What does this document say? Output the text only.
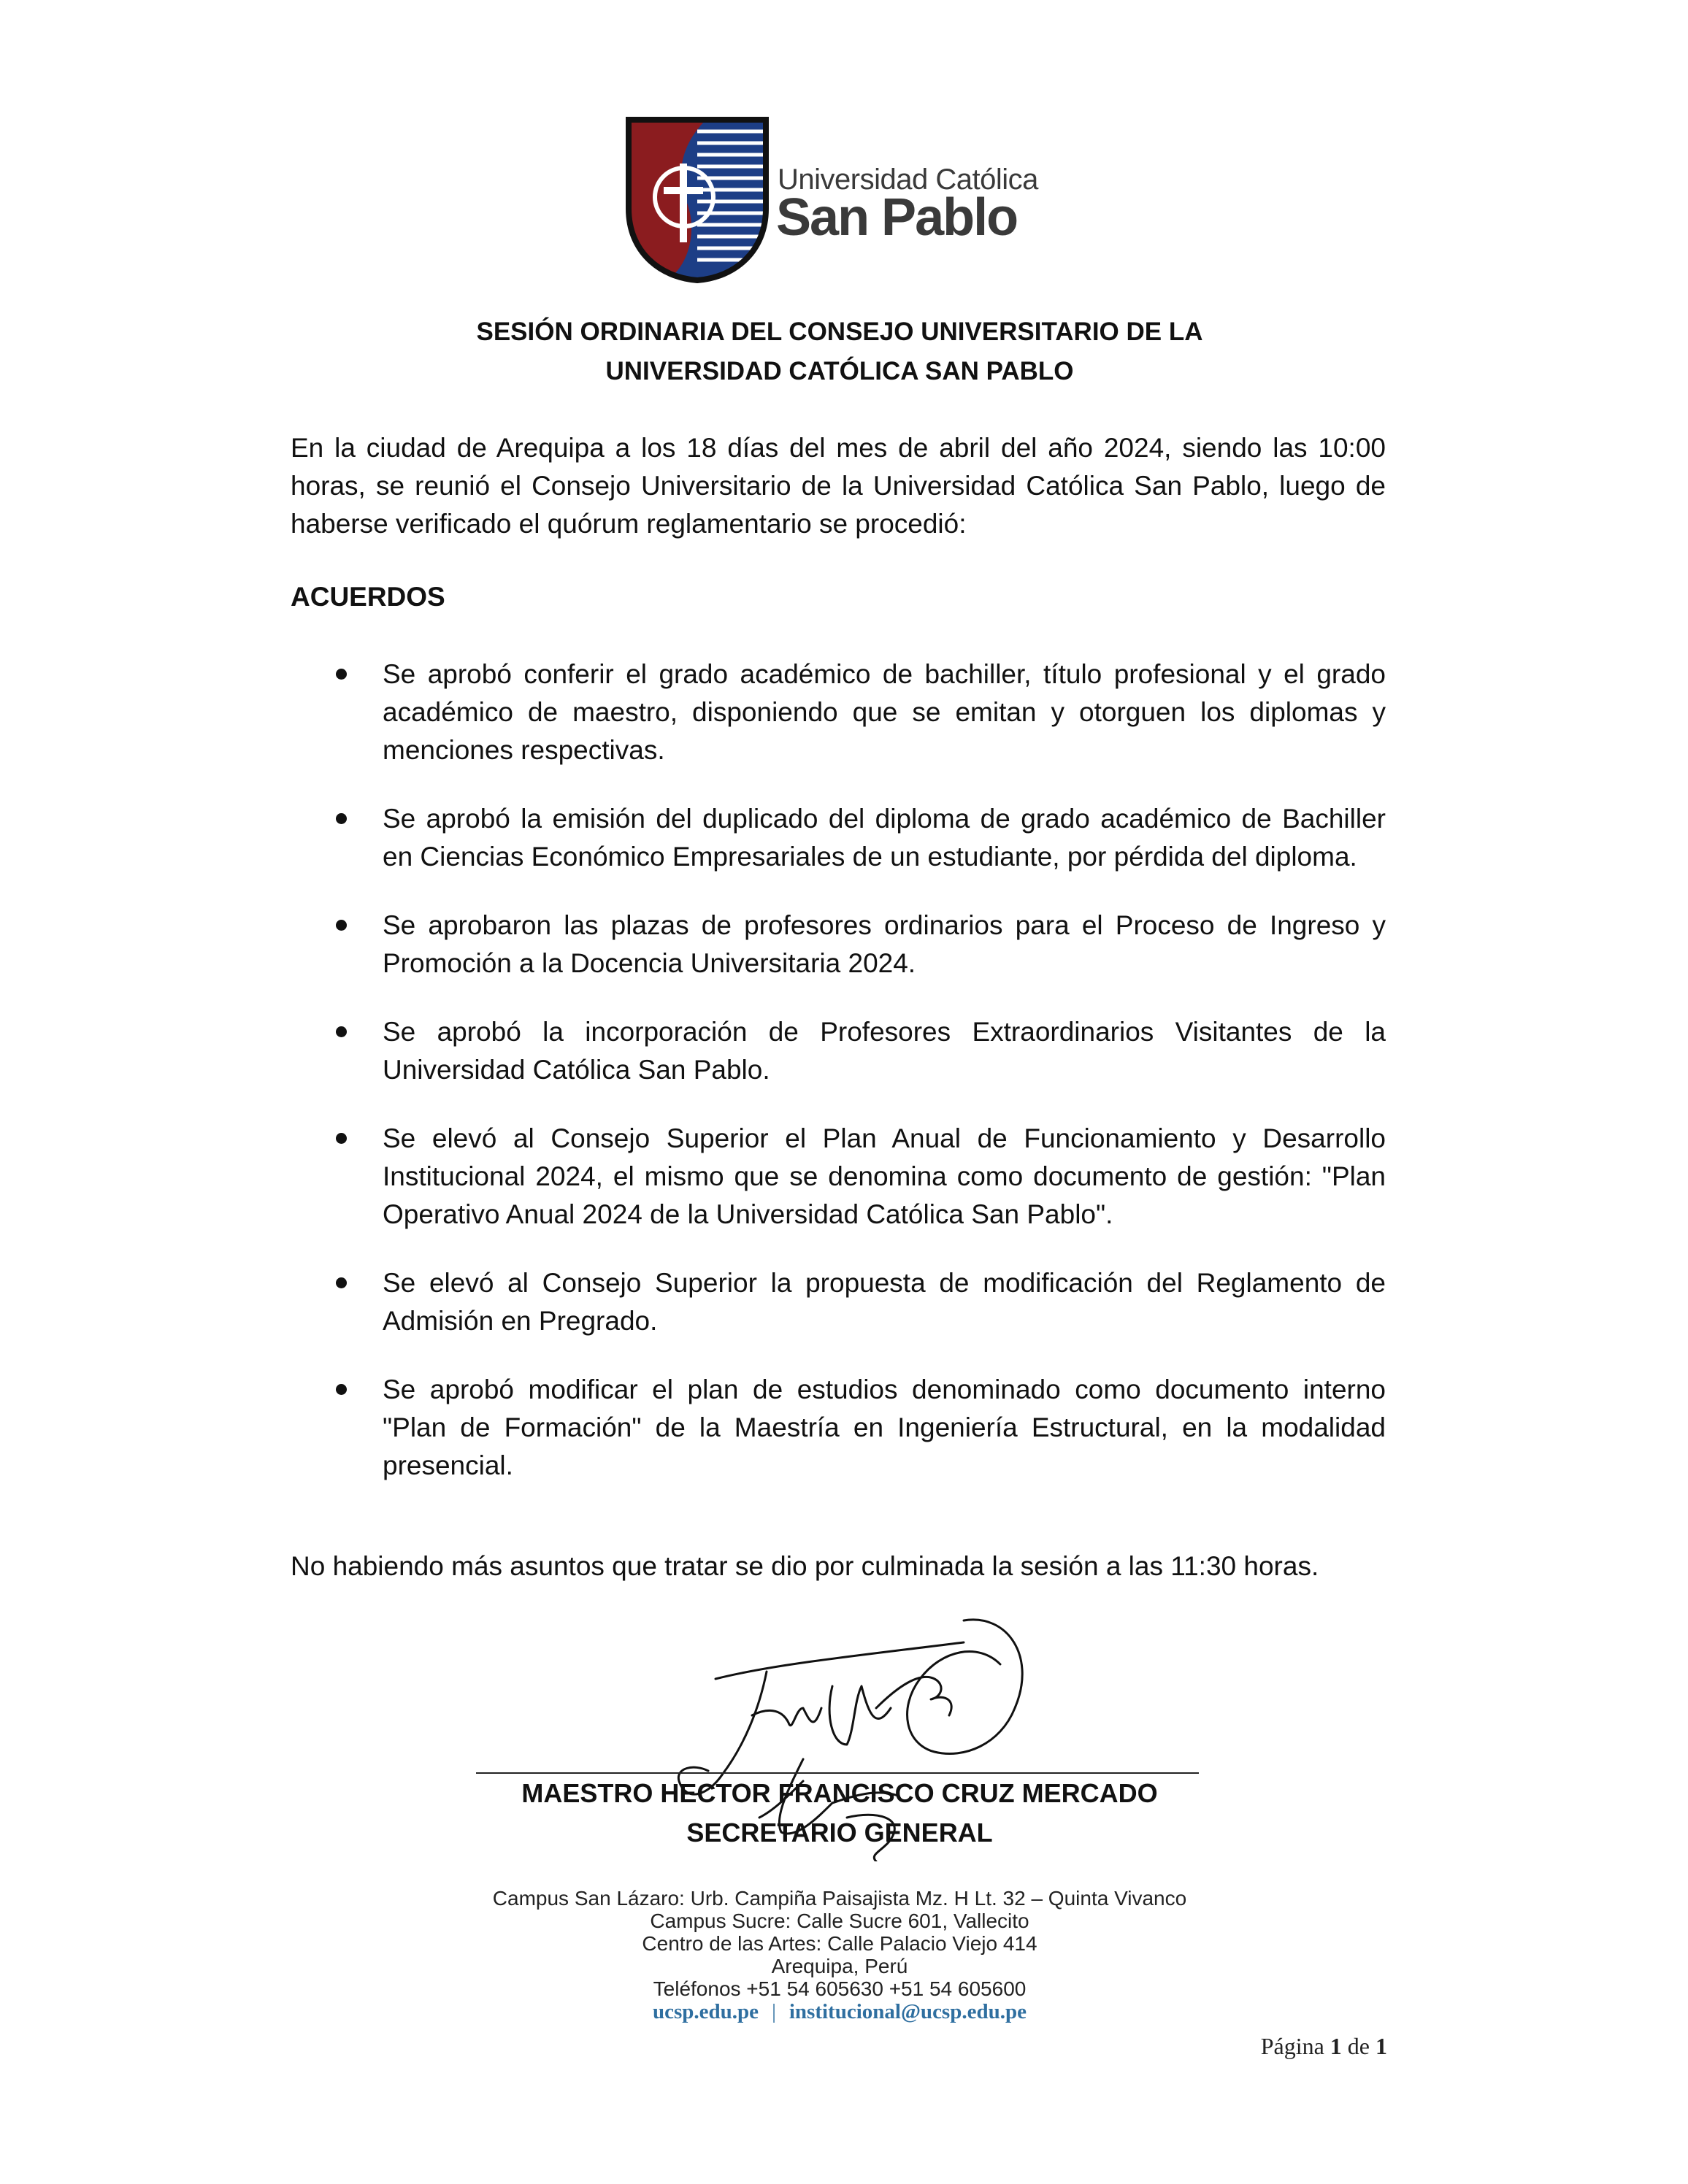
Universidad Católica
San Pablo
SESIÓN ORDINARIA DEL CONSEJO UNIVERSITARIO DE LA
UNIVERSIDAD CATÓLICA SAN PABLO
En la ciudad de Arequipa a los 18 días del mes de abril del año 2024, siendo las 10:00 horas, se reunió el Consejo Universitario de la Universidad Católica San Pablo, luego de haberse verificado el quórum reglamentario se procedió:
ACUERDOS
Se aprobó conferir el grado académico de bachiller, título profesional y el grado académico de maestro, disponiendo que se emitan y otorguen los diplomas y menciones respectivas.
Se aprobó la emisión del duplicado del diploma de grado académico de Bachiller en Ciencias Económico Empresariales de un estudiante, por pérdida del diploma.
Se aprobaron las plazas de profesores ordinarios para el Proceso de Ingreso y Promoción a la Docencia Universitaria 2024.
Se aprobó la incorporación de Profesores Extraordinarios Visitantes de la Universidad Católica San Pablo.
Se elevó al Consejo Superior el Plan Anual de Funcionamiento y Desarrollo Institucional 2024, el mismo que se denomina como documento de gestión: "Plan Operativo Anual 2024 de la Universidad Católica San Pablo".
Se elevó al Consejo Superior la propuesta de modificación del Reglamento de Admisión en Pregrado.
Se aprobó modificar el plan de estudios denominado como documento interno "Plan de Formación" de la Maestría en Ingeniería Estructural, en la modalidad presencial.
No habiendo más asuntos que tratar se dio por culminada la sesión a las 11:30 horas.
MAESTRO HECTOR FRANCISCO CRUZ MERCADO
SECRETARIO GENERAL
Campus San Lázaro: Urb. Campiña Paisajista Mz. H Lt. 32 – Quinta Vivanco
Campus Sucre: Calle Sucre 601, Vallecito
Centro de las Artes: Calle Palacio Viejo 414
Arequipa, Perú
Teléfonos +51 54 605630 +51 54 605600
ucsp.edu.pe | institucional@ucsp.edu.pe
Página 1 de 1
